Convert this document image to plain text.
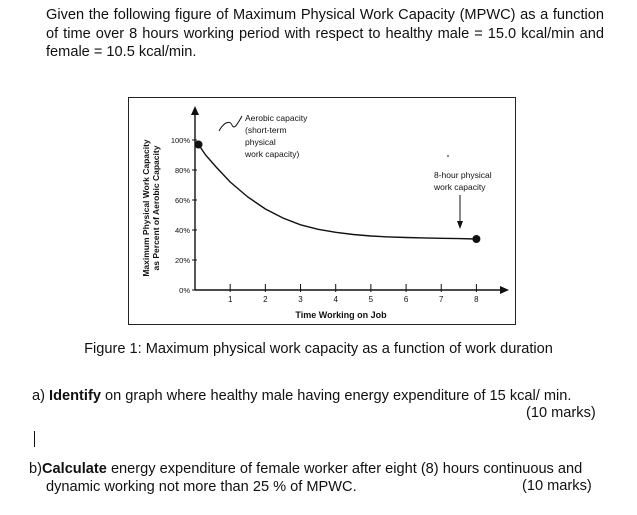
Given the following figure of Maximum Physical Work Capacity (MPWC) as a function of time over 8 hours working period with respect to healthy male = 15.0 kcal/min and female = 10.5 kcal/min.
Maximum Physical Work Capacity as Percent of Aerobic Capacity
1	2	3	4	5	6	7	8
0%
20%
40%
60%
80%
100%
Aerobic capacity
(short-term
physical
work capacity)
8-hour physical
work capacity
Time Working on Job
Figure 1: Maximum physical work capacity as a function of work duration
a) Identify on graph where healthy male having energy expenditure of 15 kcal/ min.
(10 marks)
b)Calculate energy expenditure of female worker after eight (8) hours continuous and
dynamic working not more than 25 % of MPWC.	(10 marks)
